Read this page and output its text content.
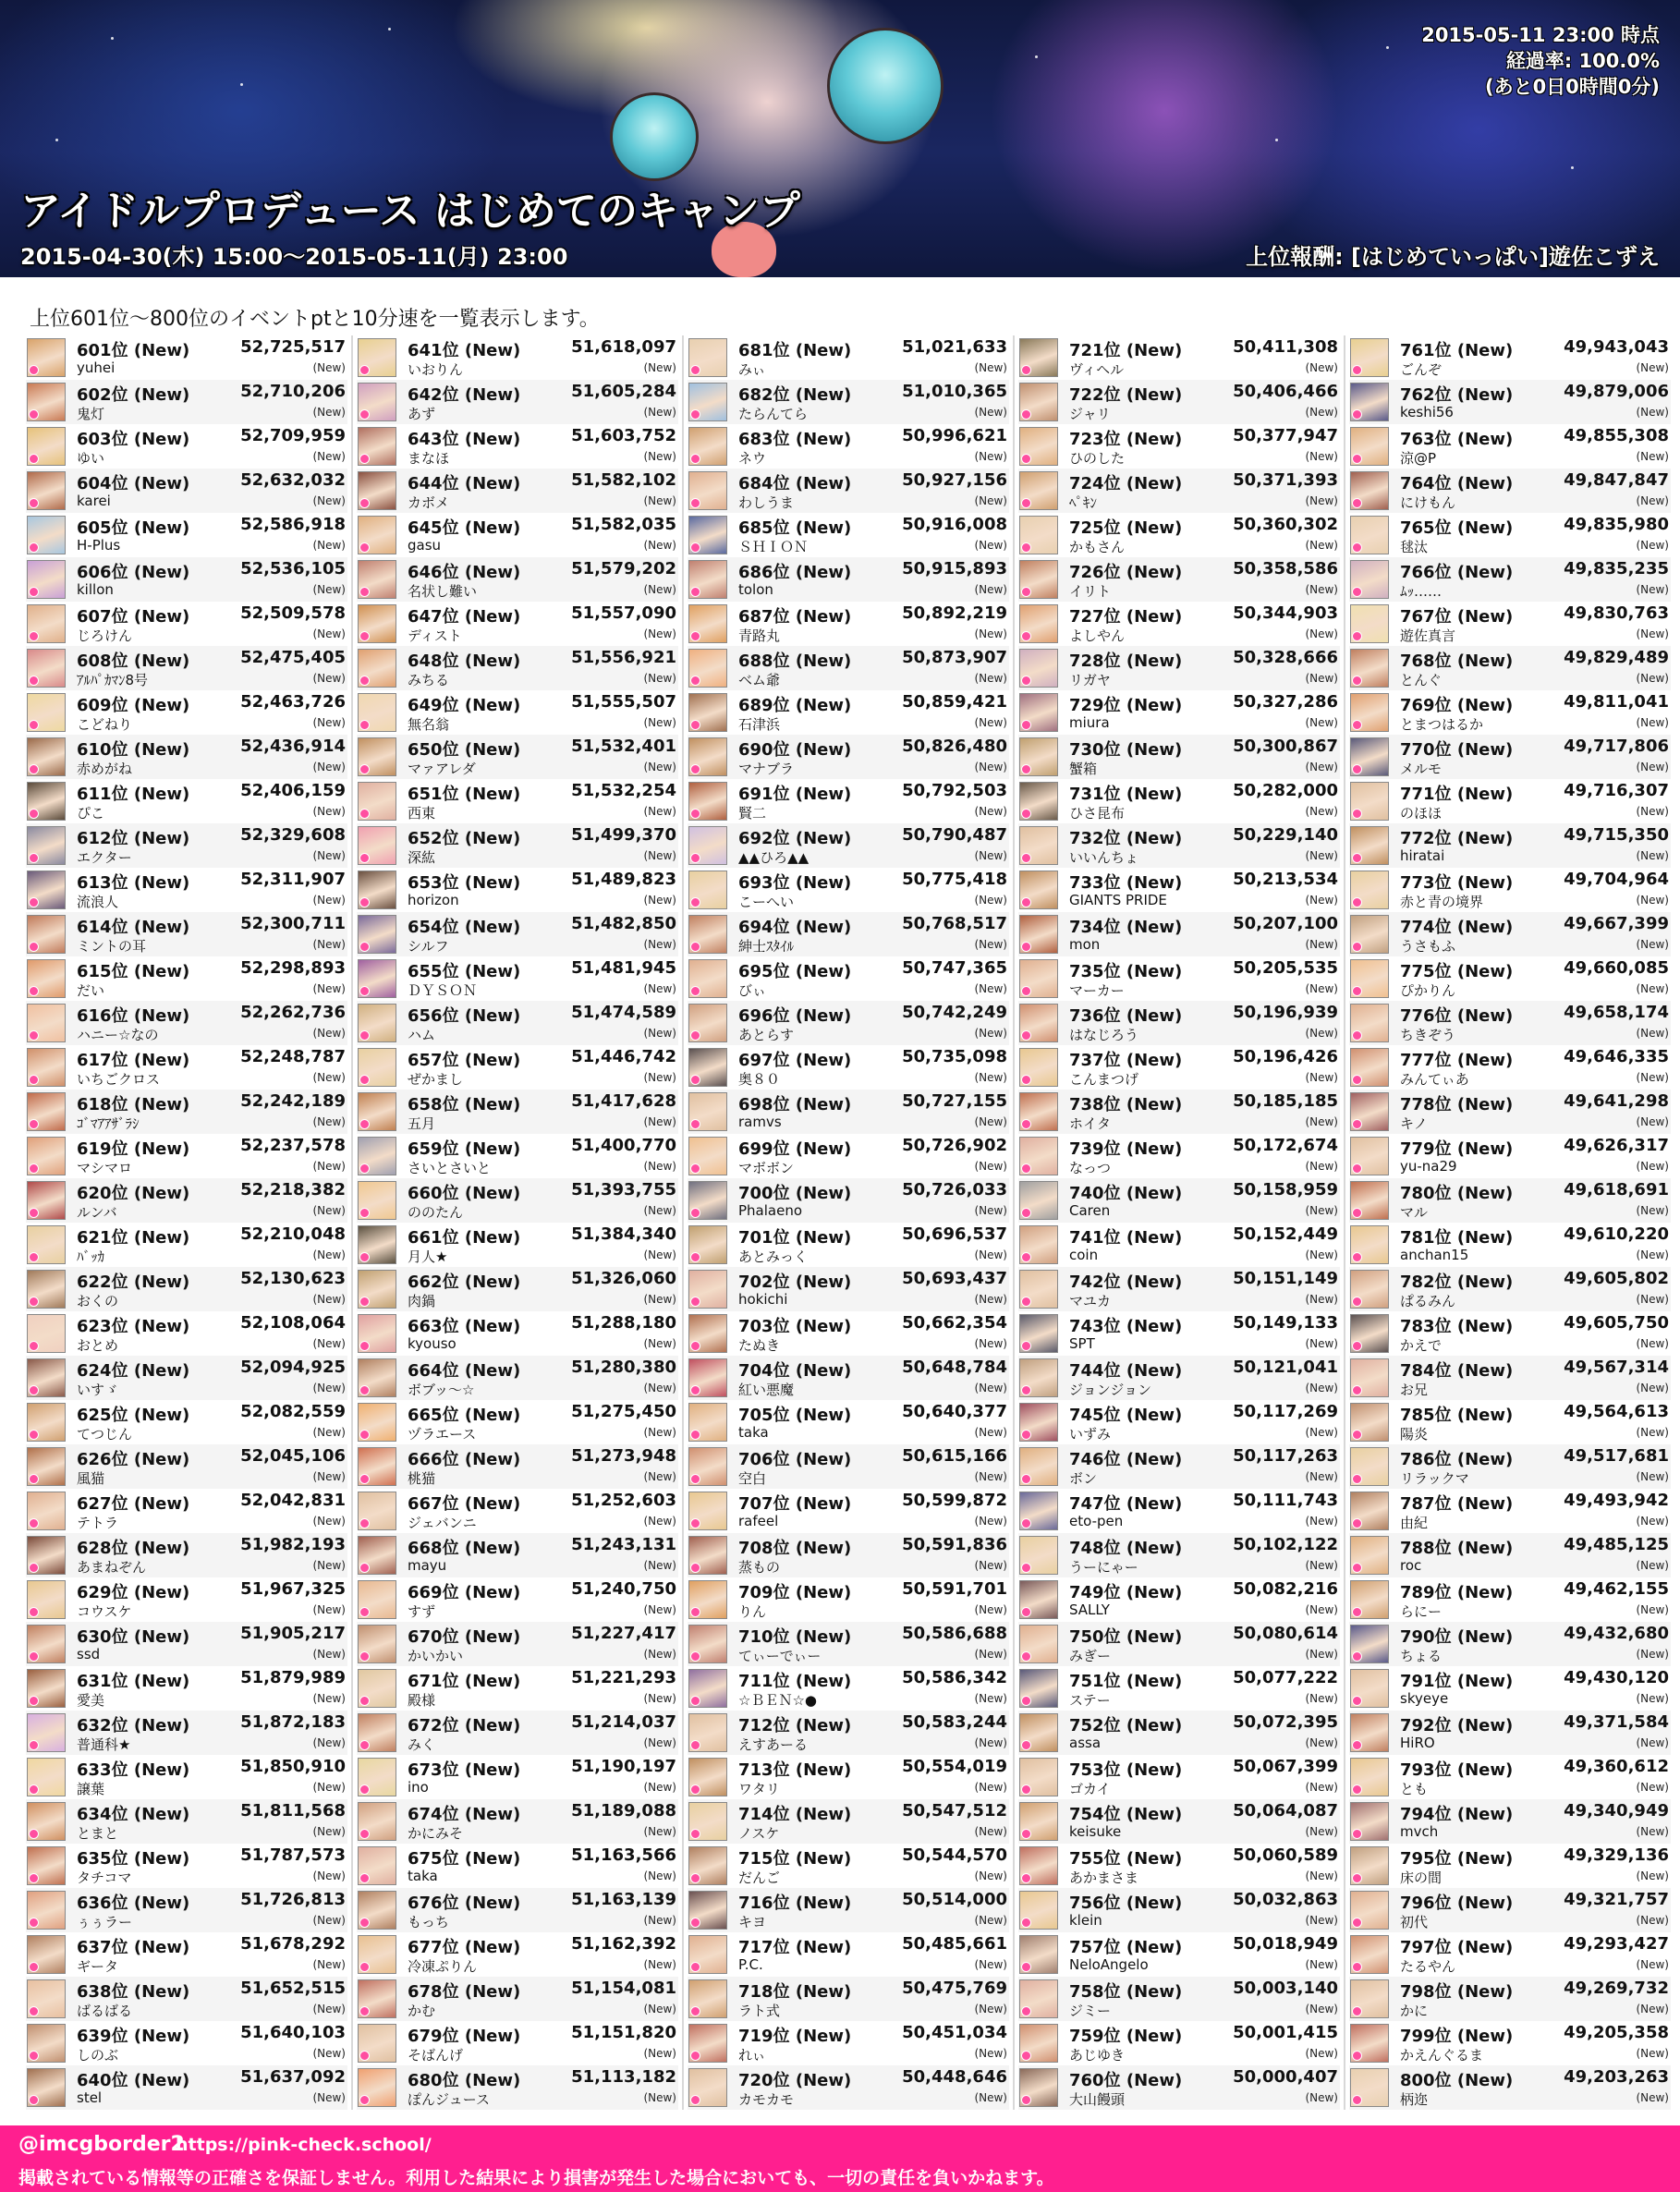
2015-05-11 23:00 時点
経過率: 100.0%
(あと0日0時間0分)
アイドルプロデュース はじめてのキャンプ
2015-04-30(木) 15:00～2015-05-11(月) 23:00	上位報酬: [はじめていっぱい]遊佐こずえ
上位601位～800位のイベントptと10分速を一覧表示します。
601位 (New)
yuhei
52,725,517
(New)
602位 (New)
鬼灯
52,710,206
(New)
603位 (New)
ゆい
52,709,959
(New)
604位 (New)
karei
52,632,032
(New)
605位 (New)
H-Plus
52,586,918
(New)
606位 (New)
killon
52,536,105
(New)
607位 (New)
じろけん
52,509,578
(New)
608位 (New)
ｱﾙﾊﾟｶﾏﾝ8号
52,475,405
(New)
609位 (New)
こどねり
52,463,726
(New)
610位 (New)
赤めがね
52,436,914
(New)
611位 (New)
ぴこ
52,406,159
(New)
612位 (New)
エクター
52,329,608
(New)
613位 (New)
流浪人
52,311,907
(New)
614位 (New)
ミントの耳
52,300,711
(New)
615位 (New)
だい
52,298,893
(New)
616位 (New)
ハニー☆なの
52,262,736
(New)
617位 (New)
いちごクロス
52,248,787
(New)
618位 (New)
ｺﾞﾏｱｱｻﾞﾗｼ
52,242,189
(New)
619位 (New)
マシマロ
52,237,578
(New)
620位 (New)
ルンバ
52,218,382
(New)
621位 (New)
ﾊﾞｯｶ
52,210,048
(New)
622位 (New)
おくの
52,130,623
(New)
623位 (New)
おとめ
52,108,064
(New)
624位 (New)
いすゞ
52,094,925
(New)
625位 (New)
てつじん
52,082,559
(New)
626位 (New)
風猫
52,045,106
(New)
627位 (New)
テトラ
52,042,831
(New)
628位 (New)
あまねぞん
51,982,193
(New)
629位 (New)
コウスケ
51,967,325
(New)
630位 (New)
ssd
51,905,217
(New)
631位 (New)
愛美
51,879,989
(New)
632位 (New)
普通科★
51,872,183
(New)
633位 (New)
譲葉
51,850,910
(New)
634位 (New)
とまと
51,811,568
(New)
635位 (New)
タチコマ
51,787,573
(New)
636位 (New)
ぅぅラー
51,726,813
(New)
637位 (New)
ギータ
51,678,292
(New)
638位 (New)
ばるばる
51,652,515
(New)
639位 (New)
しのぶ
51,640,103
(New)
640位 (New)
stel
51,637,092
(New)
641位 (New)
いおりん
51,618,097
(New)
642位 (New)
あず
51,605,284
(New)
643位 (New)
まなほ
51,603,752
(New)
644位 (New)
カボメ
51,582,102
(New)
645位 (New)
gasu
51,582,035
(New)
646位 (New)
名状し難い
51,579,202
(New)
647位 (New)
ディスト
51,557,090
(New)
648位 (New)
みちる
51,556,921
(New)
649位 (New)
無名翁
51,555,507
(New)
650位 (New)
マァアレダ
51,532,401
(New)
651位 (New)
西東
51,532,254
(New)
652位 (New)
深紘
51,499,370
(New)
653位 (New)
horizon
51,489,823
(New)
654位 (New)
シルフ
51,482,850
(New)
655位 (New)
ＤＹＳＯＮ
51,481,945
(New)
656位 (New)
ハム
51,474,589
(New)
657位 (New)
ぜかまし
51,446,742
(New)
658位 (New)
五月
51,417,628
(New)
659位 (New)
さいとさいと
51,400,770
(New)
660位 (New)
ののたん
51,393,755
(New)
661位 (New)
月人★
51,384,340
(New)
662位 (New)
肉鍋
51,326,060
(New)
663位 (New)
kyouso
51,288,180
(New)
664位 (New)
ボブッ～☆
51,280,380
(New)
665位 (New)
ヅラエース
51,275,450
(New)
666位 (New)
桃猫
51,273,948
(New)
667位 (New)
ジェバンニ
51,252,603
(New)
668位 (New)
mayu
51,243,131
(New)
669位 (New)
すず
51,240,750
(New)
670位 (New)
かいかい
51,227,417
(New)
671位 (New)
殿様
51,221,293
(New)
672位 (New)
みく
51,214,037
(New)
673位 (New)
ino
51,190,197
(New)
674位 (New)
かにみそ
51,189,088
(New)
675位 (New)
taka
51,163,566
(New)
676位 (New)
もっち
51,163,139
(New)
677位 (New)
冷凍ぷりん
51,162,392
(New)
678位 (New)
かむ
51,154,081
(New)
679位 (New)
そばんげ
51,151,820
(New)
680位 (New)
ぽんジュース
51,113,182
(New)
681位 (New)
みぃ
51,021,633
(New)
682位 (New)
たらんてら
51,010,365
(New)
683位 (New)
ネウ
50,996,621
(New)
684位 (New)
わしうま
50,927,156
(New)
685位 (New)
ＳＨＩＯＮ
50,916,008
(New)
686位 (New)
tolon
50,915,893
(New)
687位 (New)
青路丸
50,892,219
(New)
688位 (New)
ベム爺
50,873,907
(New)
689位 (New)
石津浜
50,859,421
(New)
690位 (New)
マナブラ
50,826,480
(New)
691位 (New)
賢二
50,792,503
(New)
692位 (New)
▲▲ひろ▲▲
50,790,487
(New)
693位 (New)
こーへい
50,775,418
(New)
694位 (New)
紳士ｽﾀｲﾙ
50,768,517
(New)
695位 (New)
びぃ
50,747,365
(New)
696位 (New)
あとらす
50,742,249
(New)
697位 (New)
奥８０
50,735,098
(New)
698位 (New)
ramvs
50,727,155
(New)
699位 (New)
マボボン
50,726,902
(New)
700位 (New)
Phalaeno
50,726,033
(New)
701位 (New)
あとみっく
50,696,537
(New)
702位 (New)
hokichi
50,693,437
(New)
703位 (New)
たぬき
50,662,354
(New)
704位 (New)
紅い悪魔
50,648,784
(New)
705位 (New)
taka
50,640,377
(New)
706位 (New)
空白
50,615,166
(New)
707位 (New)
rafeel
50,599,872
(New)
708位 (New)
蒸もの
50,591,836
(New)
709位 (New)
りん
50,591,701
(New)
710位 (New)
てぃーでぃー
50,586,688
(New)
711位 (New)
☆ＢＥＮ☆●
50,586,342
(New)
712位 (New)
えすあーる
50,583,244
(New)
713位 (New)
ワタリ
50,554,019
(New)
714位 (New)
ノスケ
50,547,512
(New)
715位 (New)
だんご
50,544,570
(New)
716位 (New)
キヨ
50,514,000
(New)
717位 (New)
P.C.
50,485,661
(New)
718位 (New)
ラト式
50,475,769
(New)
719位 (New)
れぃ
50,451,034
(New)
720位 (New)
カモカモ
50,448,646
(New)
721位 (New)
ヴィヘル
50,411,308
(New)
722位 (New)
ジャリ
50,406,466
(New)
723位 (New)
ひのした
50,377,947
(New)
724位 (New)
ﾍﾟｷﾝ
50,371,393
(New)
725位 (New)
かもさん
50,360,302
(New)
726位 (New)
イリト
50,358,586
(New)
727位 (New)
よしやん
50,344,903
(New)
728位 (New)
リガヤ
50,328,666
(New)
729位 (New)
miura
50,327,286
(New)
730位 (New)
蟹箱
50,300,867
(New)
731位 (New)
ひさ昆布
50,282,000
(New)
732位 (New)
いいんちょ
50,229,140
(New)
733位 (New)
GIANTS PRIDE
50,213,534
(New)
734位 (New)
mon
50,207,100
(New)
735位 (New)
マーカー
50,205,535
(New)
736位 (New)
はなじろう
50,196,939
(New)
737位 (New)
こんまつげ
50,196,426
(New)
738位 (New)
ホイタ
50,185,185
(New)
739位 (New)
なっつ
50,172,674
(New)
740位 (New)
Caren
50,158,959
(New)
741位 (New)
coin
50,152,449
(New)
742位 (New)
マユカ
50,151,149
(New)
743位 (New)
SPT
50,149,133
(New)
744位 (New)
ジョンジョン
50,121,041
(New)
745位 (New)
いずみ
50,117,269
(New)
746位 (New)
ボン
50,117,263
(New)
747位 (New)
eto-pen
50,111,743
(New)
748位 (New)
うーにゃー
50,102,122
(New)
749位 (New)
SALLY
50,082,216
(New)
750位 (New)
みぎー
50,080,614
(New)
751位 (New)
ステー
50,077,222
(New)
752位 (New)
assa
50,072,395
(New)
753位 (New)
ゴカイ
50,067,399
(New)
754位 (New)
keisuke
50,064,087
(New)
755位 (New)
あかまさま
50,060,589
(New)
756位 (New)
klein
50,032,863
(New)
757位 (New)
NeloAngelo
50,018,949
(New)
758位 (New)
ジミー
50,003,140
(New)
759位 (New)
あじゆき
50,001,415
(New)
760位 (New)
大山饅頭
50,000,407
(New)
761位 (New)
ごんぞ
49,943,043
(New)
762位 (New)
keshi56
49,879,006
(New)
763位 (New)
涼@P
49,855,308
(New)
764位 (New)
にけもん
49,847,847
(New)
765位 (New)
毬汰
49,835,980
(New)
766位 (New)
ﾑｯ……
49,835,235
(New)
767位 (New)
遊佐真言
49,830,763
(New)
768位 (New)
とんぐ
49,829,489
(New)
769位 (New)
とまつはるか
49,811,041
(New)
770位 (New)
メルモ
49,717,806
(New)
771位 (New)
のほほ
49,716,307
(New)
772位 (New)
hiratai
49,715,350
(New)
773位 (New)
赤と青の境界
49,704,964
(New)
774位 (New)
うさもふ
49,667,399
(New)
775位 (New)
ぴかりん
49,660,085
(New)
776位 (New)
ちきぞう
49,658,174
(New)
777位 (New)
みんてぃあ
49,646,335
(New)
778位 (New)
キノ
49,641,298
(New)
779位 (New)
yu-na29
49,626,317
(New)
780位 (New)
マル
49,618,691
(New)
781位 (New)
anchan15
49,610,220
(New)
782位 (New)
ぱるみん
49,605,802
(New)
783位 (New)
かえで
49,605,750
(New)
784位 (New)
お兄
49,567,314
(New)
785位 (New)
陽炎
49,564,613
(New)
786位 (New)
リラックマ
49,517,681
(New)
787位 (New)
由紀
49,493,942
(New)
788位 (New)
roc
49,485,125
(New)
789位 (New)
らにー
49,462,155
(New)
790位 (New)
ちょる
49,432,680
(New)
791位 (New)
skyeye
49,430,120
(New)
792位 (New)
HiRO
49,371,584
(New)
793位 (New)
とも
49,360,612
(New)
794位 (New)
mvch
49,340,949
(New)
795位 (New)
床の間
49,329,136
(New)
796位 (New)
初代
49,321,757
(New)
797位 (New)
たるやん
49,293,427
(New)
798位 (New)
かに
49,269,732
(New)
799位 (New)
かえんぐるま
49,205,358
(New)
800位 (New)
柄迩
49,203,263
(New)
@imcgborder2
https://pink-check.school/
掲載されている情報等の正確さを保証しません。利用した結果により損害が発生した場合においても、一切の責任を負いかねます。
